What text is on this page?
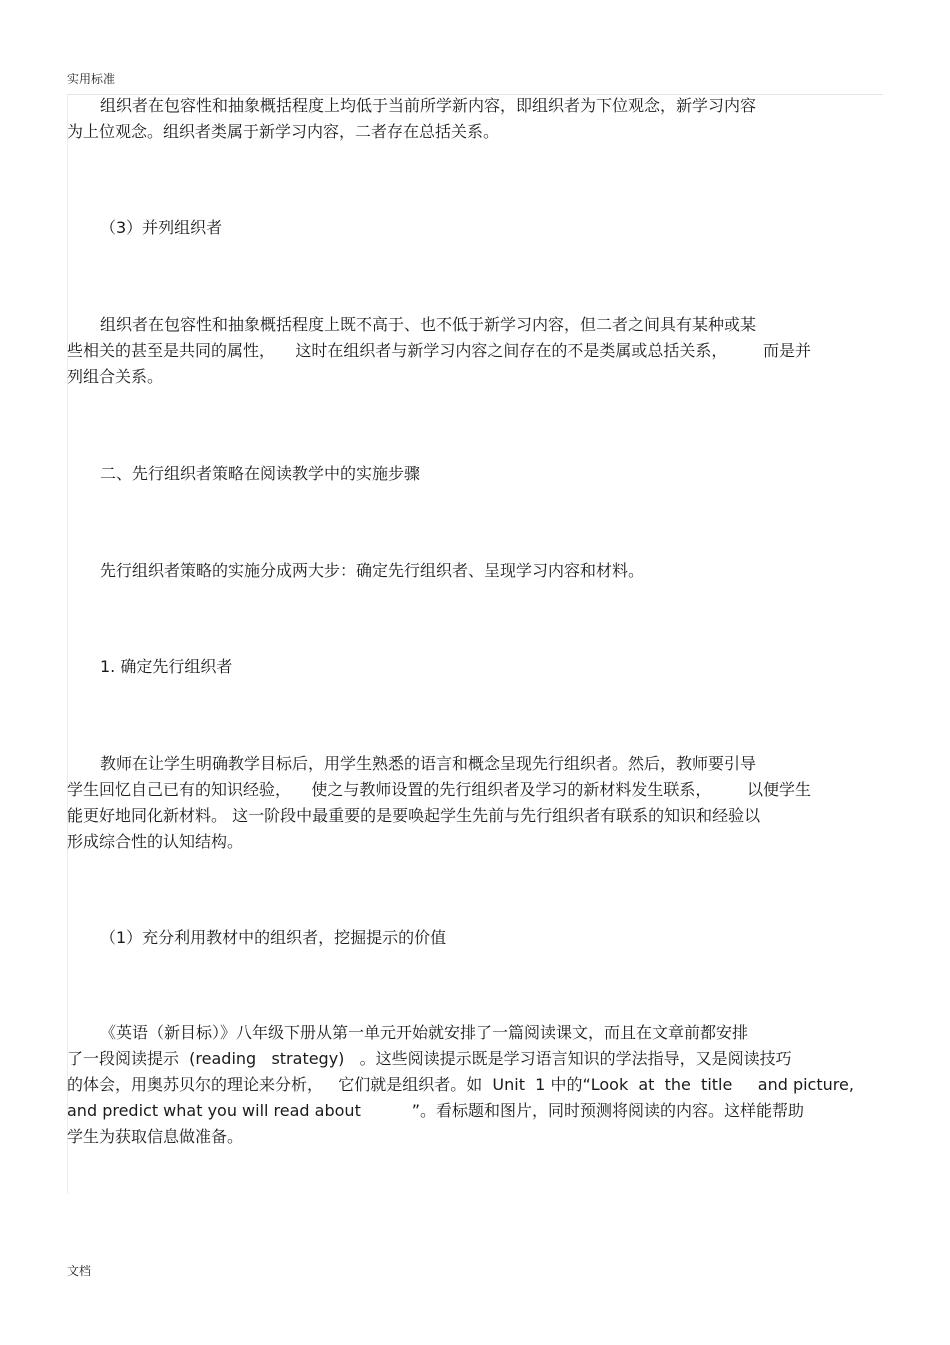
实用标准
组织者在包容性和抽象概括程度上均低于当前所学新内容，即组织者为下位观念，新学习内容
为上位观念。组织者类属于新学习内容，二者存在总括关系。
（3）并列组织者
组织者在包容性和抽象概括程度上既不高于、也不低于新学习内容，但二者之间具有某种或某
些相关的甚至是共同的属性，    这时在组织者与新学习内容之间存在的不是类属或总括关系，       而是并
列组合关系。
二、先行组织者策略在阅读教学中的实施步骤
先行组织者策略的实施分成两大步：确定先行组织者、呈现学习内容和材料。
1. 确定先行组织者
教师在让学生明确教学目标后，用学生熟悉的语言和概念呈现先行组织者。然后，教师要引导
学生回忆自己已有的知识经验，    使之与教师设置的先行组织者及学习的新材料发生联系，       以便学生
能更好地同化新材料。 这一阶段中最重要的是要唤起学生先前与先行组织者有联系的知识和经验以
形成综合性的认知结构。
（1）充分利用教材中的组织者，挖掘提示的价值
《英语（新目标）》八年级下册从第一单元开始就安排了一篇阅读课文，而且在文章前都安排
了一段阅读提示  (reading   strategy)   。这些阅读提示既是学习语言知识的学法指导，又是阅读技巧
的体会，用奥苏贝尔的理论来分析，   它们就是组织者。如  Unit  1 中的“Look  at  the  title     and picture,
and predict what you will read about          ”。看标题和图片，同时预测将阅读的内容。这样能帮助
学生为获取信息做准备。
文档
